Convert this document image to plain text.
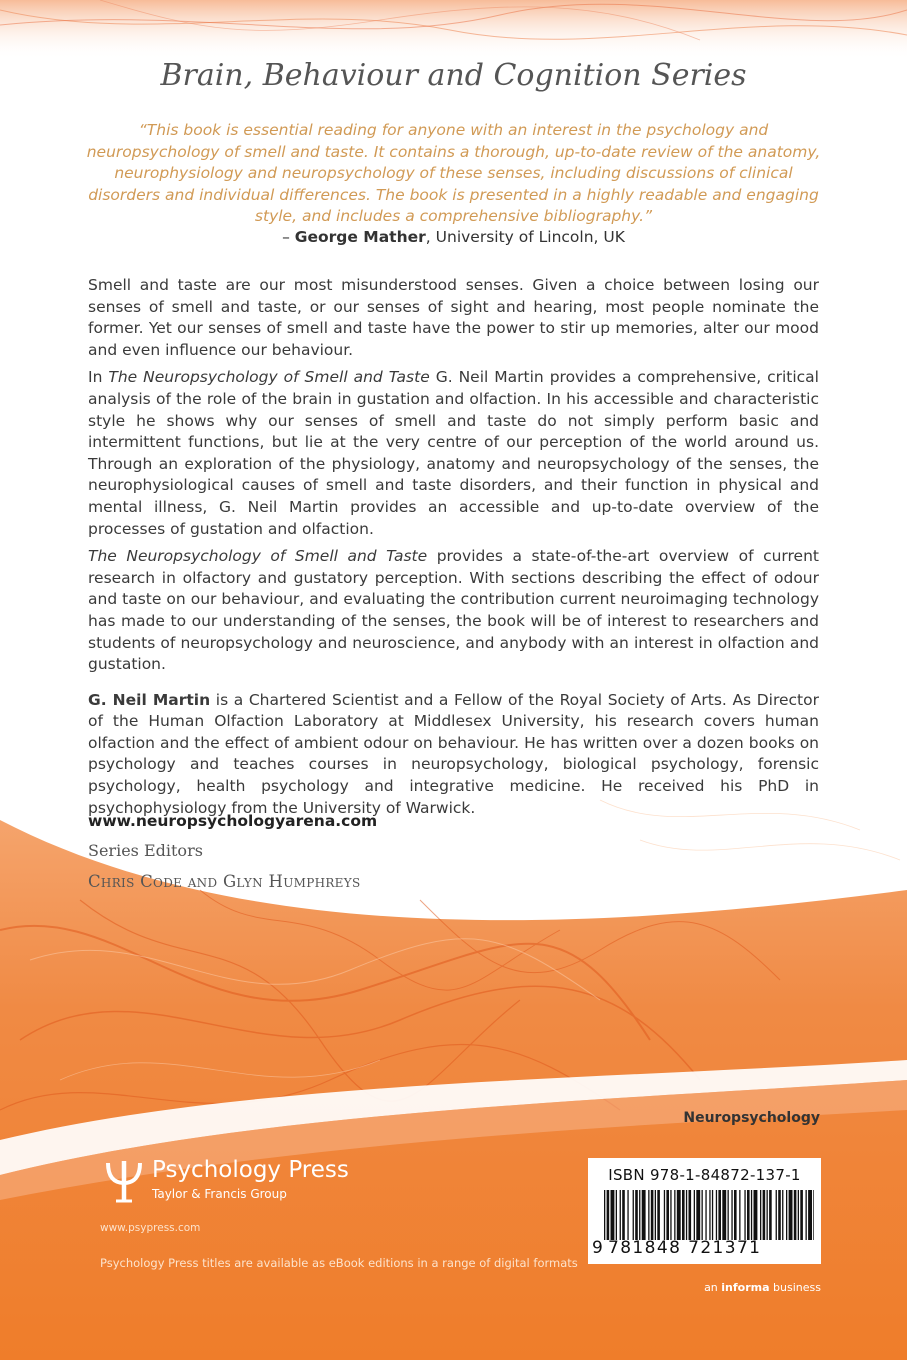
Brain, Behaviour and Cognition Series

“This book is essential reading for anyone with an interest in the psychology and neuropsychology of smell and taste. It contains a thorough, up-to-date review of the anatomy, neurophysiology and neuropsychology of these senses, including discussions of clinical disorders and individual differences. The book is presented in a highly readable and engaging style, and includes a comprehensive bibliography.”

– George Mather, University of Lincoln, UK

Smell and taste are our most misunderstood senses. Given a choice between losing our senses of smell and taste, or our senses of sight and hearing, most people nominate the former. Yet our senses of smell and taste have the power to stir up memories, alter our mood and even influence our behaviour.

In The Neuropsychology of Smell and Taste G. Neil Martin provides a comprehensive, critical analysis of the role of the brain in gustation and olfaction. In his accessible and characteristic style he shows why our senses of smell and taste do not simply perform basic and intermittent functions, but lie at the very centre of our perception of the world around us. Through an exploration of the physiology, anatomy and neuropsychology of the senses, the neurophysiological causes of smell and taste disorders, and their function in physical and mental illness, G. Neil Martin provides an accessible and up-to-date overview of the processes of gustation and olfaction.

The Neuropsychology of Smell and Taste provides a state-of-the-art overview of current research in olfactory and gustatory perception. With sections describing the effect of odour and taste on our behaviour, and evaluating the contribution current neuroimaging technology has made to our understanding of the senses, the book will be of interest to researchers and students of neuropsychology and neuroscience, and anybody with an interest in olfaction and gustation.

G. Neil Martin is a Chartered Scientist and a Fellow of the Royal Society of Arts. As Director of the Human Olfaction Laboratory at Middlesex University, his research covers human olfaction and the effect of ambient odour on behaviour. He has written over a dozen books on psychology and teaches courses in neuropsychology, biological psychology, forensic psychology, health psychology and integrative medicine. He received his PhD in psychophysiology from the University of Warwick.

www.neuropsychologyarena.com

Series Editors

Chris Code and Glyn Humphreys

Neuropsychology
Psychology Press
Taylor & Francis Group
www.psypress.com
Psychology Press titles are available as eBook editions in a range of digital formats
ISBN 978-1-84872-137-1
9 781848 721371
an informa business
